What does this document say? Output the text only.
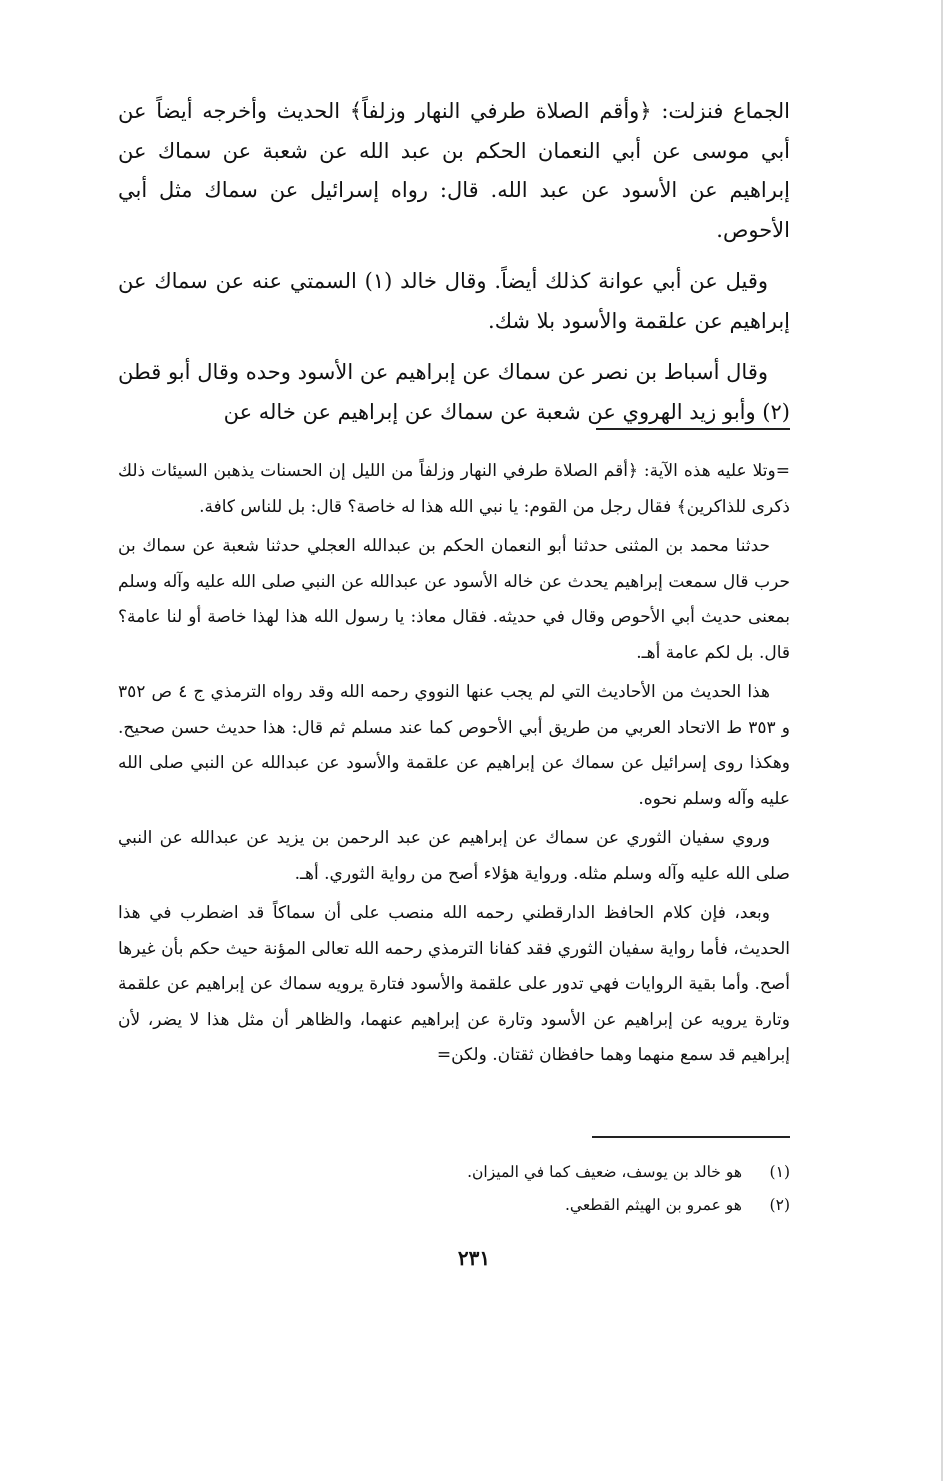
الجماع فنزلت: ﴿وأقم الصلاة طرفي النهار وزلفاً﴾ الحديث وأخرجه أيضاً عن أبي موسى عن أبي النعمان الحكم بن عبد الله عن شعبة عن سماك عن إبراهيم عن الأسود عن عبد الله. قال: رواه إسرائيل عن سماك مثل أبي الأحوص.

وقيل عن أبي عوانة كذلك أيضاً. وقال خالد (١) السمتي عنه عن سماك عن إبراهيم عن علقمة والأسود بلا شك.

وقال أسباط بن نصر عن سماك عن إبراهيم عن الأسود وحده وقال أبو قطن (٢) وأبو زيد الهروي عن شعبة عن سماك عن إبراهيم عن خاله عن

=وتلا عليه هذه الآية: ﴿أقم الصلاة طرفي النهار وزلفاً من الليل إن الحسنات يذهبن السيئات ذلك ذكرى للذاكرين﴾ فقال رجل من القوم: يا نبي الله هذا له خاصة؟ قال: بل للناس كافة.

حدثنا محمد بن المثنى حدثنا أبو النعمان الحكم بن عبدالله العجلي حدثنا شعبة عن سماك بن حرب قال سمعت إبراهيم يحدث عن خاله الأسود عن عبدالله عن النبي صلى الله عليه وآله وسلم بمعنى حديث أبي الأحوص وقال في حديثه. فقال معاذ: يا رسول الله هذا لهذا خاصة أو لنا عامة؟ قال. بل لكم عامة أهـ.

هذا الحديث من الأحاديث التي لم يجب عنها النووي رحمه الله وقد رواه الترمذي ج ٤ ص ٣٥٢ و ٣٥٣ ط الاتحاد العربي من طريق أبي الأحوص كما عند مسلم ثم قال: هذا حديث حسن صحيح. وهكذا روى إسرائيل عن سماك عن إبراهيم عن علقمة والأسود عن عبدالله عن النبي صلى الله عليه وآله وسلم نحوه.

وروي سفيان الثوري عن سماك عن إبراهيم عن عبد الرحمن بن يزيد عن عبدالله عن النبي صلى الله عليه وآله وسلم مثله. ورواية هؤلاء أصح من رواية الثوري. أهـ.

وبعد، فإن كلام الحافظ الدارقطني رحمه الله منصب على أن سماكاً قد اضطرب في هذا الحديث، فأما رواية سفيان الثوري فقد كفانا الترمذي رحمه الله تعالى المؤنة حيث حكم بأن غيرها أصح. وأما بقية الروايات فهي تدور على علقمة والأسود فتارة يرويه سماك عن إبراهيم عن علقمة وتارة يرويه عن إبراهيم عن الأسود وتارة عن إبراهيم عنهما، والظاهر أن مثل هذا لا يضر، لأن إبراهيم قد سمع منهما وهما حافظان ثقتان. ولكن=

(١)
هو خالد بن يوسف، ضعيف كما في الميزان.
(٢)
هو عمرو بن الهيثم القطعي.
٢٣١
